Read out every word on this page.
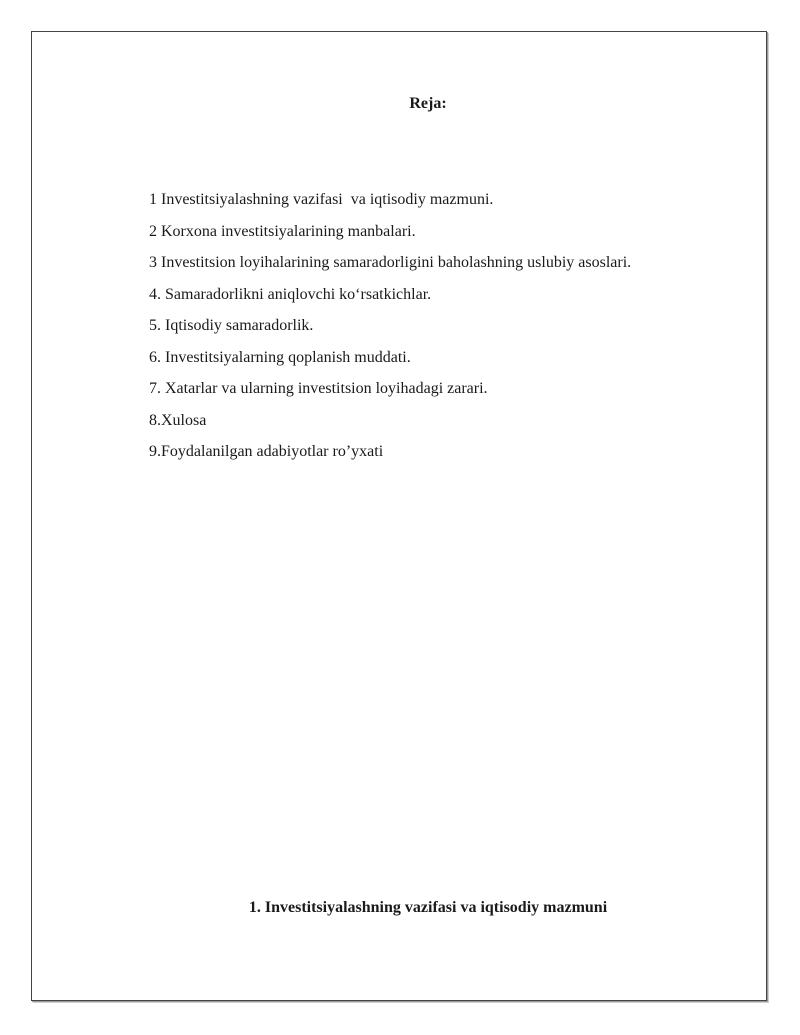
Reja:
1 Investitsiyalashning vazifasi  va iqtisodiy mazmuni.
2 Korxona investitsiyalarining manbalari.
3 Investitsion loyihalarining samaradorligini baholashning uslubiy asoslari.
4. Samaradorlikni aniqlovchi ko‘rsatkichlar.
5. Iqtisodiy samaradorlik.
6. Investitsiyalarning qoplanish muddati.
7. Xatarlar va ularning investitsion loyihadagi zarari.
8.Xulosa
9.Foydalanilgan adabiyotlar ro’yxati
1. Investitsiyalashning vazifasi va iqtisodiy mazmuni
